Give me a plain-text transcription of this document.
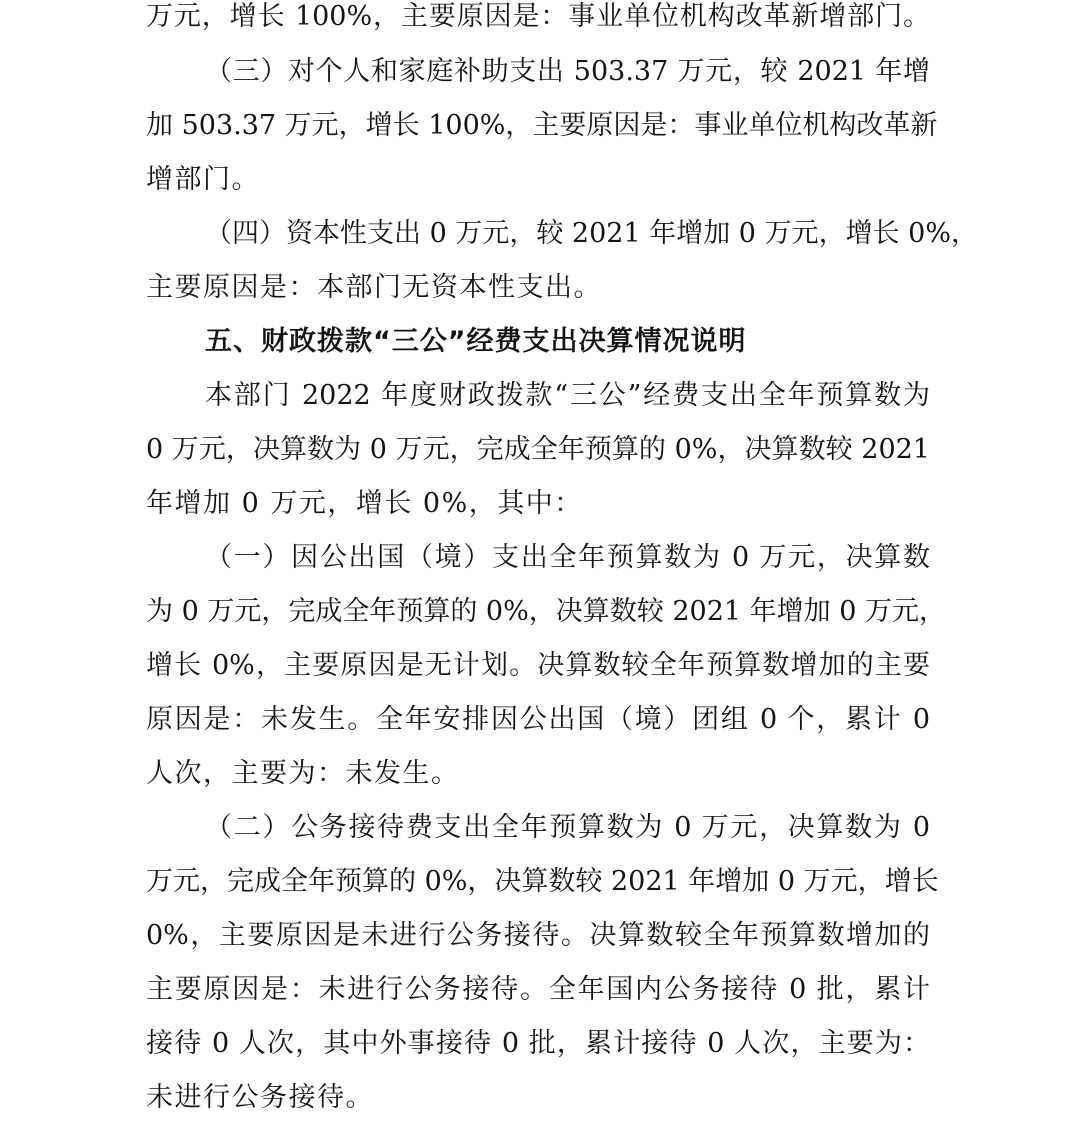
万元，增长 100%，主要原因是：事业单位机构改革新增部门。
（三）对个人和家庭补助支出 503.37 万元，较 2021 年增
加 503.37 万元，增长 100%，主要原因是：事业单位机构改革新
增部门。
（四）资本性支出 0 万元，较 2021 年增加 0 万元，增长 0%，
主要原因是：本部门无资本性支出。
五、财政拨款“三公”经费支出决算情况说明
本部门 2022 年度财政拨款“三公”经费支出全年预算数为
0 万元，决算数为 0 万元，完成全年预算的 0%，决算数较 2021
年增加 0 万元，增长 0%，其中：
（一）因公出国（境）支出全年预算数为 0 万元，决算数
为 0 万元，完成全年预算的 0%，决算数较 2021 年增加 0 万元，
增长 0%，主要原因是无计划。决算数较全年预算数增加的主要
原因是：未发生。全年安排因公出国（境）团组 0 个，累计 0
人次，主要为：未发生。
（二）公务接待费支出全年预算数为 0 万元，决算数为 0
万元，完成全年预算的 0%，决算数较 2021 年增加 0 万元，增长
0%，主要原因是未进行公务接待。决算数较全年预算数增加的
主要原因是：未进行公务接待。全年国内公务接待 0 批，累计
接待 0 人次，其中外事接待 0 批，累计接待 0 人次，主要为：
未进行公务接待。
